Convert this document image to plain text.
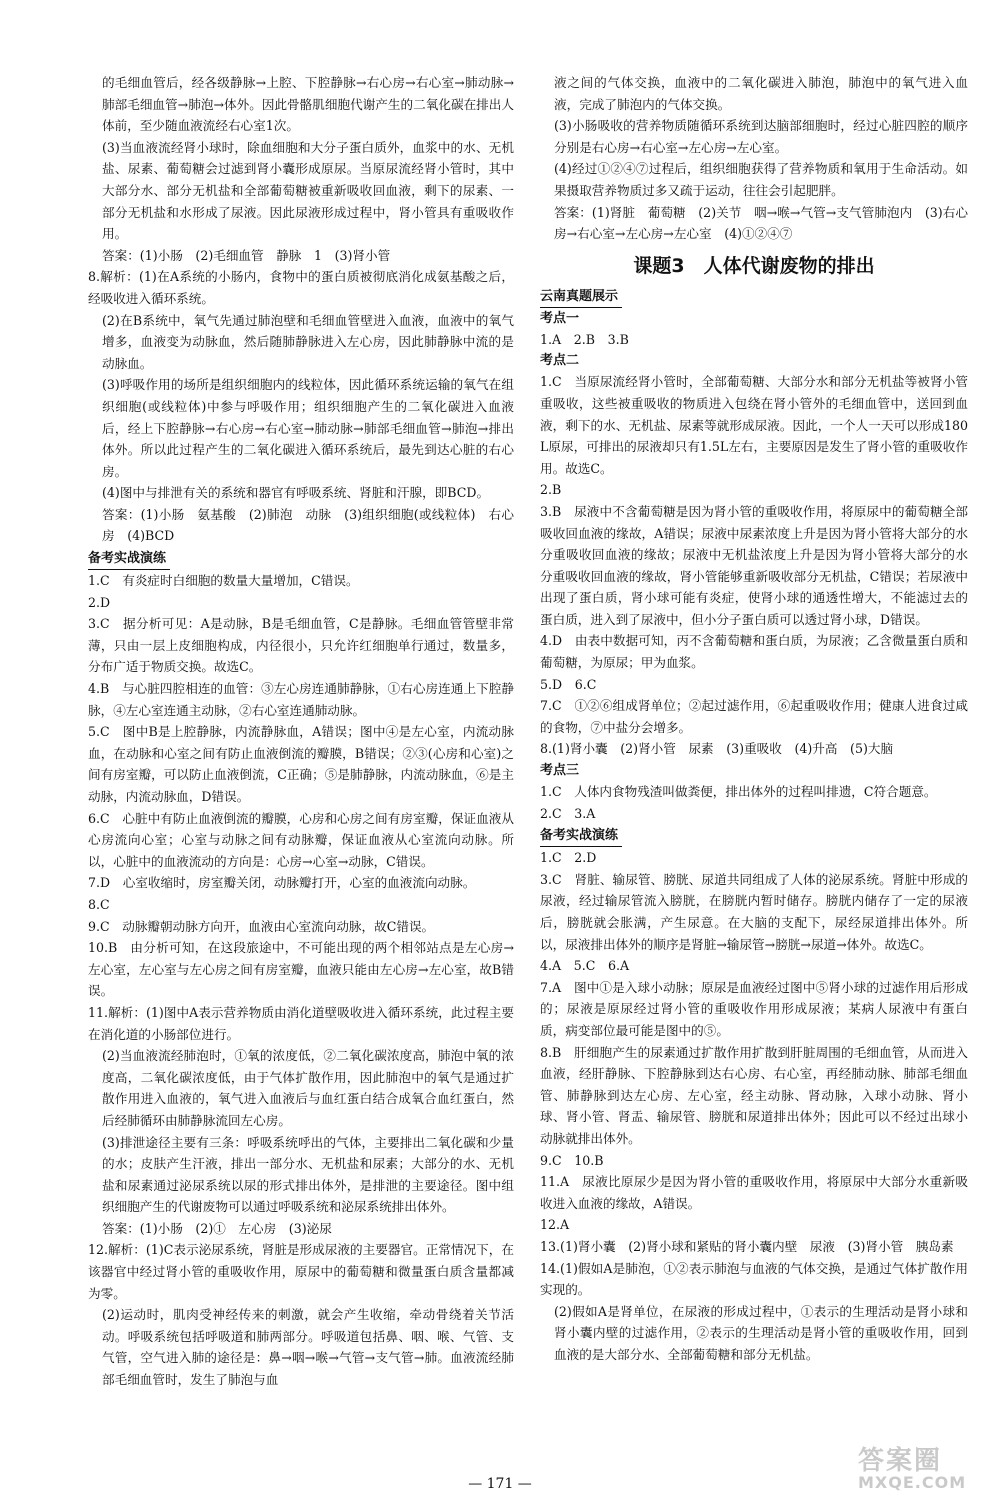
的毛细血管后，经各级静脉→上腔、下腔静脉→右心房→右心室→肺动脉→肺部毛细血管→肺泡→体外。因此骨骼肌细胞代谢产生的二氧化碳在排出人体前，至少随血液流经右心室1次。

(3)当血液流经肾小球时，除血细胞和大分子蛋白质外，血浆中的水、无机盐、尿素、葡萄糖会过滤到肾小囊形成原尿。当原尿流经肾小管时，其中大部分水、部分无机盐和全部葡萄糖被重新吸收回血液，剩下的尿素、一部分无机盐和水形成了尿液。因此尿液形成过程中，肾小管具有重吸收作用。

答案：(1)小肠　(2)毛细血管　静脉　1　(3)肾小管

8.解析：(1)在A系统的小肠内，食物中的蛋白质被彻底消化成氨基酸之后，经吸收进入循环系统。

(2)在B系统中，氧气先通过肺泡壁和毛细血管壁进入血液，血液中的氧气增多，血液变为动脉血，然后随肺静脉进入左心房，因此肺静脉中流的是动脉血。

(3)呼吸作用的场所是组织细胞内的线粒体，因此循环系统运输的氧气在组织细胞(或线粒体)中参与呼吸作用；组织细胞产生的二氧化碳进入血液后，经上下腔静脉→右心房→右心室→肺动脉→肺部毛细血管→肺泡→排出体外。所以此过程产生的二氧化碳进入循环系统后，最先到达心脏的右心房。

(4)图中与排泄有关的系统和器官有呼吸系统、肾脏和汗腺，即BCD。

答案：(1)小肠　氨基酸　(2)肺泡　动脉　(3)组织细胞(或线粒体)　右心房　(4)BCD

备考实战演练

1.C　有炎症时白细胞的数量大量增加，C错误。

2.D

3.C　据分析可见：A是动脉，B是毛细血管，C是静脉。毛细血管管壁非常薄，只由一层上皮细胞构成，内径很小，只允许红细胞单行通过，数量多，分布广适于物质交换。故选C。

4.B　与心脏四腔相连的血管：③左心房连通肺静脉，①右心房连通上下腔静脉，④左心室连通主动脉，②右心室连通肺动脉。

5.C　图中B是上腔静脉，内流静脉血，A错误；图中④是左心室，内流动脉血，在动脉和心室之间有防止血液倒流的瓣膜，B错误；②③(心房和心室)之间有房室瓣，可以防止血液倒流，C正确；⑤是肺静脉，内流动脉血，⑥是主动脉，内流动脉血，D错误。

6.C　心脏中有防止血液倒流的瓣膜，心房和心房之间有房室瓣，保证血液从心房流向心室；心室与动脉之间有动脉瓣，保证血液从心室流向动脉。所以，心脏中的血液流动的方向是：心房→心室→动脉，C错误。

7.D　心室收缩时，房室瓣关闭，动脉瓣打开，心室的血液流向动脉。

8.C

9.C　动脉瓣朝动脉方向开，血液由心室流向动脉，故C错误。

10.B　由分析可知，在这段旅途中，不可能出现的两个相邻站点是左心房→左心室，左心室与左心房之间有房室瓣，血液只能由左心房→左心室，故B错误。

11.解析：(1)图中A表示营养物质由消化道壁吸收进入循环系统，此过程主要在消化道的小肠部位进行。

(2)当血液流经肺泡时，①氧的浓度低，②二氧化碳浓度高，肺泡中氧的浓度高，二氧化碳浓度低，由于气体扩散作用，因此肺泡中的氧气是通过扩散作用进入血液的，氧气进入血液后与血红蛋白结合成氧合血红蛋白，然后经肺循环由肺静脉流回左心房。

(3)排泄途径主要有三条：呼吸系统呼出的气体，主要排出二氧化碳和少量的水；皮肤产生汗液，排出一部分水、无机盐和尿素；大部分的水、无机盐和尿素通过泌尿系统以尿的形式排出体外，是排泄的主要途径。图中组织细胞产生的代谢废物可以通过呼吸系统和泌尿系统排出体外。

答案：(1)小肠　(2)①　左心房　(3)泌尿

12.解析：(1)C表示泌尿系统，肾脏是形成尿液的主要器官。正常情况下，在该器官中经过肾小管的重吸收作用，原尿中的葡萄糖和微量蛋白质含量都减为零。

(2)运动时，肌肉受神经传来的刺激，就会产生收缩，牵动骨绕着关节活动。呼吸系统包括呼吸道和肺两部分。呼吸道包括鼻、咽、喉、气管、支气管，空气进入肺的途径是：鼻→咽→喉→气管→支气管→肺。血液流经肺部毛细血管时，发生了肺泡与血

液之间的气体交换，血液中的二氧化碳进入肺泡，肺泡中的氧气进入血液，完成了肺泡内的气体交换。

(3)小肠吸收的营养物质随循环系统到达脑部细胞时，经过心脏四腔的顺序分别是右心房→右心室→左心房→左心室。

(4)经过①②④⑦过程后，组织细胞获得了营养物质和氧用于生命活动。如果摄取营养物质过多又疏于运动，往往会引起肥胖。

答案：(1)肾脏　葡萄糖　(2)关节　咽→喉→气管→支气管肺泡内　(3)右心房→右心室→左心房→左心室　(4)①②④⑦

课题3　人体代谢废物的排出
云南真题展示
考点一

1.A　2.B　3.B

考点二

1.C　当原尿流经肾小管时，全部葡萄糖、大部分水和部分无机盐等被肾小管重吸收，这些被重吸收的物质进入包绕在肾小管外的毛细血管中，送回到血液，剩下的水、无机盐、尿素等就形成尿液。因此，一个人一天可以形成180L原尿，可排出的尿液却只有1.5L左右，主要原因是发生了肾小管的重吸收作用。故选C。

2.B

3.B　尿液中不含葡萄糖是因为肾小管的重吸收作用，将原尿中的葡萄糖全部吸收回血液的缘故，A错误；尿液中尿素浓度上升是因为肾小管将大部分的水分重吸收回血液的缘故；尿液中无机盐浓度上升是因为肾小管将大部分的水分重吸收回血液的缘故，肾小管能够重新吸收部分无机盐，C错误；若尿液中出现了蛋白质，肾小球可能有炎症，使肾小球的通透性增大，不能滤过去的蛋白质，进入到了尿液中，但小分子蛋白质可以透过肾小球，D错误。

4.D　由表中数据可知，丙不含葡萄糖和蛋白质，为尿液；乙含微量蛋白质和葡萄糖，为原尿；甲为血浆。

5.D　6.C

7.C　①②⑥组成肾单位；②起过滤作用，⑥起重吸收作用；健康人进食过咸的食物，⑦中盐分会增多。

8.(1)肾小囊　(2)肾小管　尿素　(3)重吸收　(4)升高　(5)大脑

考点三

1.C　人体内食物残渣叫做粪便，排出体外的过程叫排遗，C符合题意。

2.C　3.A

备考实战演练

1.C　2.D

3.C　肾脏、输尿管、膀胱、尿道共同组成了人体的泌尿系统。肾脏中形成的尿液，经过输尿管流入膀胱，在膀胱内暂时储存。膀胱内储存了一定的尿液后，膀胱就会胀满，产生尿意。在大脑的支配下，尿经尿道排出体外。所以，尿液排出体外的顺序是肾脏→输尿管→膀胱→尿道→体外。故选C。

4.A　5.C　6.A

7.A　图中①是入球小动脉；原尿是血液经过图中⑤肾小球的过滤作用后形成的；尿液是原尿经过肾小管的重吸收作用形成尿液；某病人尿液中有蛋白质，病变部位最可能是图中的⑤。

8.B　肝细胞产生的尿素通过扩散作用扩散到肝脏周围的毛细血管，从而进入血液，经肝静脉、下腔静脉到达右心房、右心室，再经肺动脉、肺部毛细血管、肺静脉到达左心房、左心室，经主动脉、肾动脉，入球小动脉、肾小球、肾小管、肾盂、输尿管、膀胱和尿道排出体外；因此可以不经过出球小动脉就排出体外。

9.C　10.B

11.A　尿液比原尿少是因为肾小管的重吸收作用，将原尿中大部分水重新吸收进入血液的缘故，A错误。

12.A

13.(1)肾小囊　(2)肾小球和紧贴的肾小囊内壁　尿液　(3)肾小管　胰岛素

14.(1)假如A是肺泡，①②表示肺泡与血液的气体交换，是通过气体扩散作用实现的。

(2)假如A是肾单位，在尿液的形成过程中，①表示的生理活动是肾小球和肾小囊内壁的过滤作用，②表示的生理活动是肾小管的重吸收作用，回到血液的是大部分水、全部葡萄糖和部分无机盐。

— 171 —
答案圈
MXQE.COM
